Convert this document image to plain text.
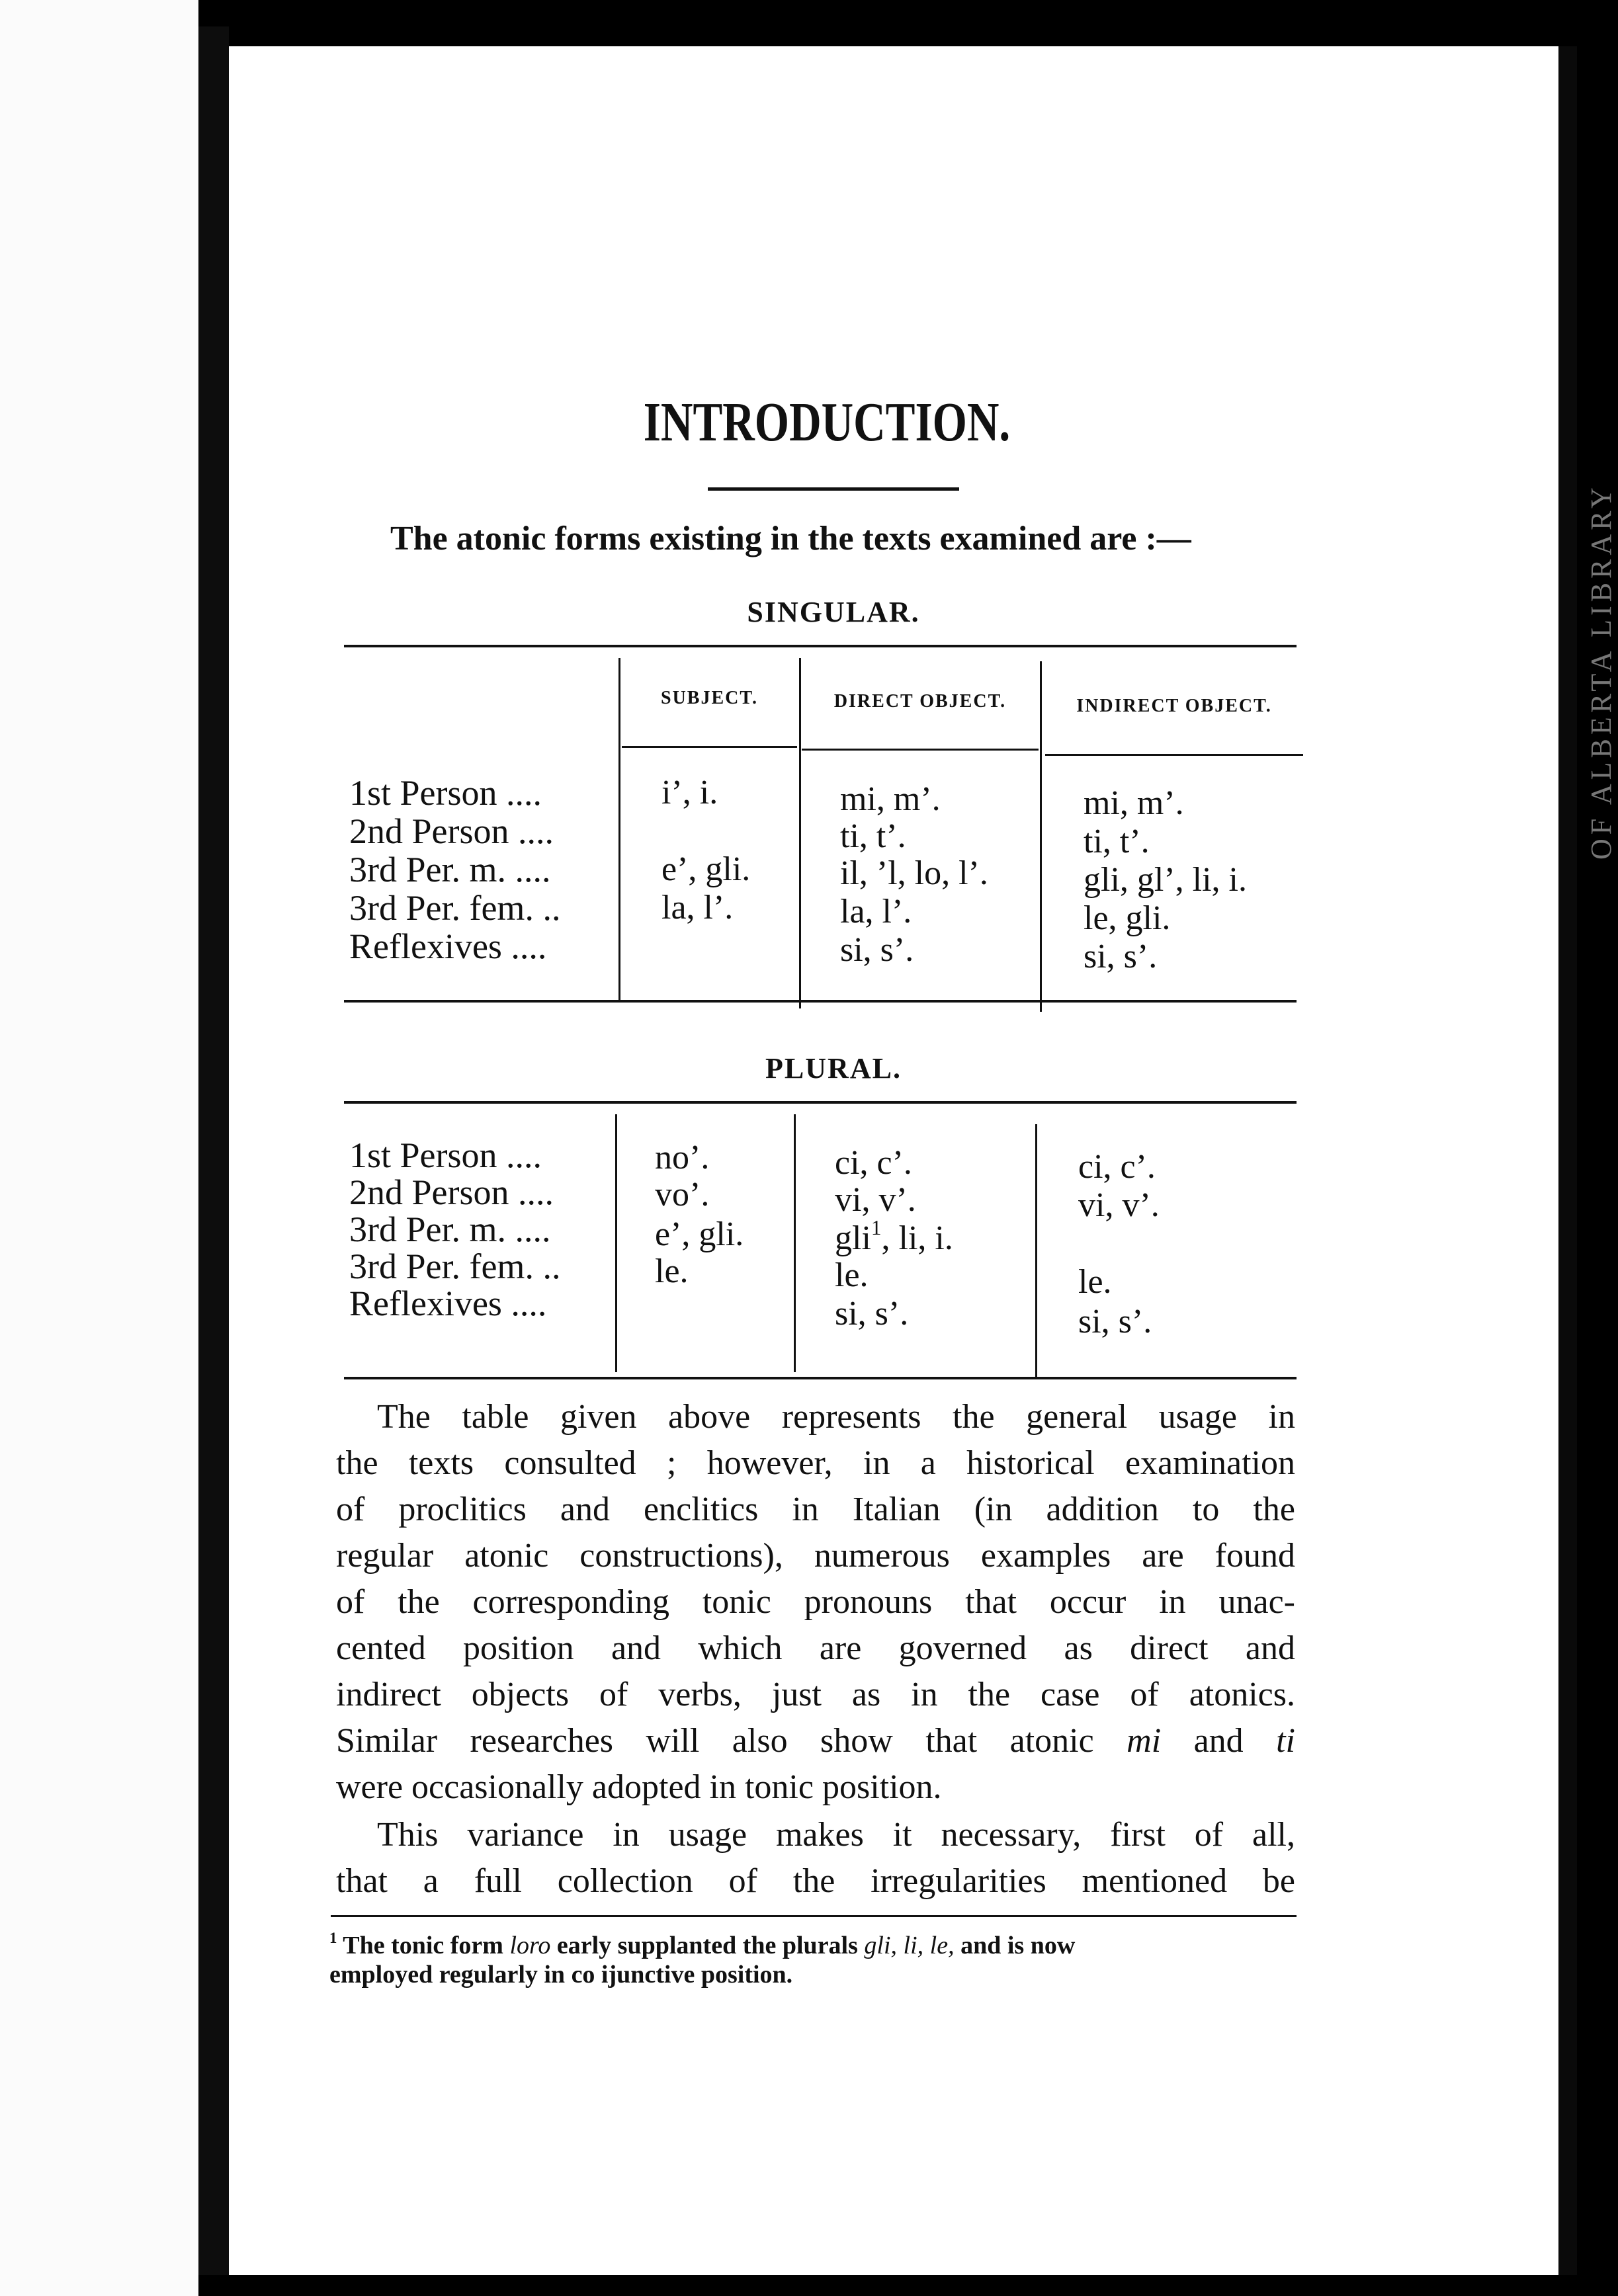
OF ALBERTA LIBRARY
INTRODUCTION.
The atonic forms existing in the texts examined are :—
SINGULAR.
SUBJECT.	DIRECT OBJECT.	INDIRECT OBJECT.
1st Person ....
2nd Person ....
3rd Per. m. ....
3rd Per. fem. ..
Reflexives ....
i’, i.
e’, gli.
la, l’.
mi, m’.
ti, t’.
il, ’l, lo, l’.
la, l’.
si, s’.
mi, m’.
ti, t’.
gli, gl’, li, i.
le, gli.
si, s’.
PLURAL.
1st Person ....
2nd Person ....
3rd Per. m. ....
3rd Per. fem. ..
Reflexives ....
no’.
vo’.
e’, gli.
le.
ci, c’.
vi, v’.
gli$^1$, li, i.
le.
si, s’.
ci, c’.
vi, v’.
le.
si, s’.
The table given above represents the general usage in
the texts consulted ; however, in a historical examination
of proclitics and enclitics in Italian (in addition to the
regular atonic constructions), numerous examples are found
of the corresponding tonic pronouns that occur in unac-
cented position and which are governed as direct and
indirect objects of verbs, just as in the case of atonics.
Similar researches will also show that atonic mi and ti
were occasionally adopted in tonic position.
This variance in usage makes it necessary, first of all,
that a full collection of the irregularities mentioned be
$^1$ The tonic form loro early supplanted the plurals gli, li, le, and is now
employed regularly in co ijunctive position.
